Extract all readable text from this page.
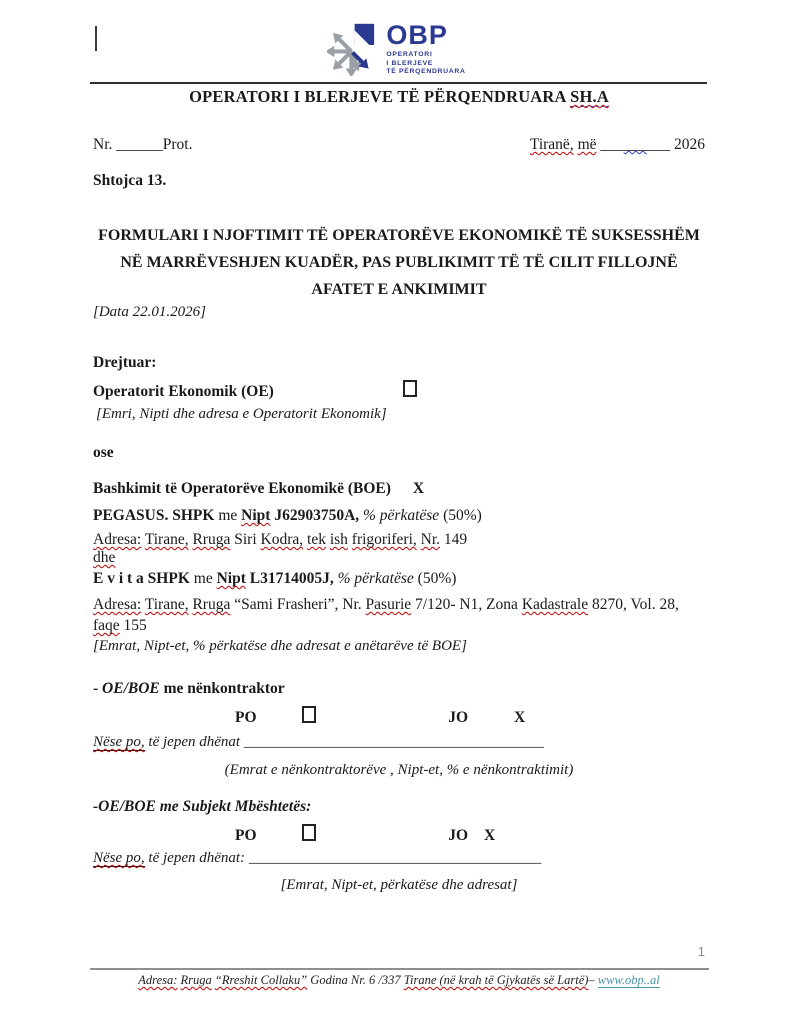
OBP
OPERATORI
I BLERJEVE
TË PËRQENDRUARA
OPERATORI I BLERJEVE TË PËRQENDRUARA SH.A
Nr. ______Prot.	Tiranë, më _________ 2026
Shtojca 13.
FORMULARI I NJOFTIMIT TË OPERATORËVE EKONOMIKË TË SUKSESSHËM
NË MARRËVESHJEN KUADËR, PAS PUBLIKIMIT TË TË CILIT FILLOJNË
AFATET E ANKIMIMIT
[Data 22.01.2026]
Drejtuar:
Operatorit Ekonomik (OE)
[Emri, Nipti dhe adresa e Operatorit Ekonomik]
ose
Bashkimit të Operatorëve Ekonomikë (BOE) X
PEGASUS. SHPK me Nipt J62903750A, % përkatëse (50%)
Adresa: Tirane, Rruga Siri Kodra, tek ish frigoriferi, Nr. 149
dhe
E v i t a SHPK me Nipt L31714005J, % përkatëse (50%)
Adresa: Tirane, Rruga “Sami Frasheri”, Nr. Pasurie 7/120- N1, Zona Kadastrale 8270, Vol. 28,
faqe 155
[Emrat, Nipt-et, % përkatëse dhe adresat e anëtarëve të BOE]
- OE/BOE me nënkontraktor
PO	JO	X
Nëse po, të jepen dhënat ________________________________________
(Emrat e nënkontraktorëve , Nipt-et, % e nënkontraktimit)
-OE/BOE me Subjekt Mbështetës:
PO	JO X
Nëse po, të jepen dhënat: _______________________________________
[Emrat, Nipt-et, përkatëse dhe adresat]
1
Adresa: Rruga “Rreshit Collaku” Godina Nr. 6 /337 Tirane (në krah të Gjykatës së Lartë)– www.obp..al
